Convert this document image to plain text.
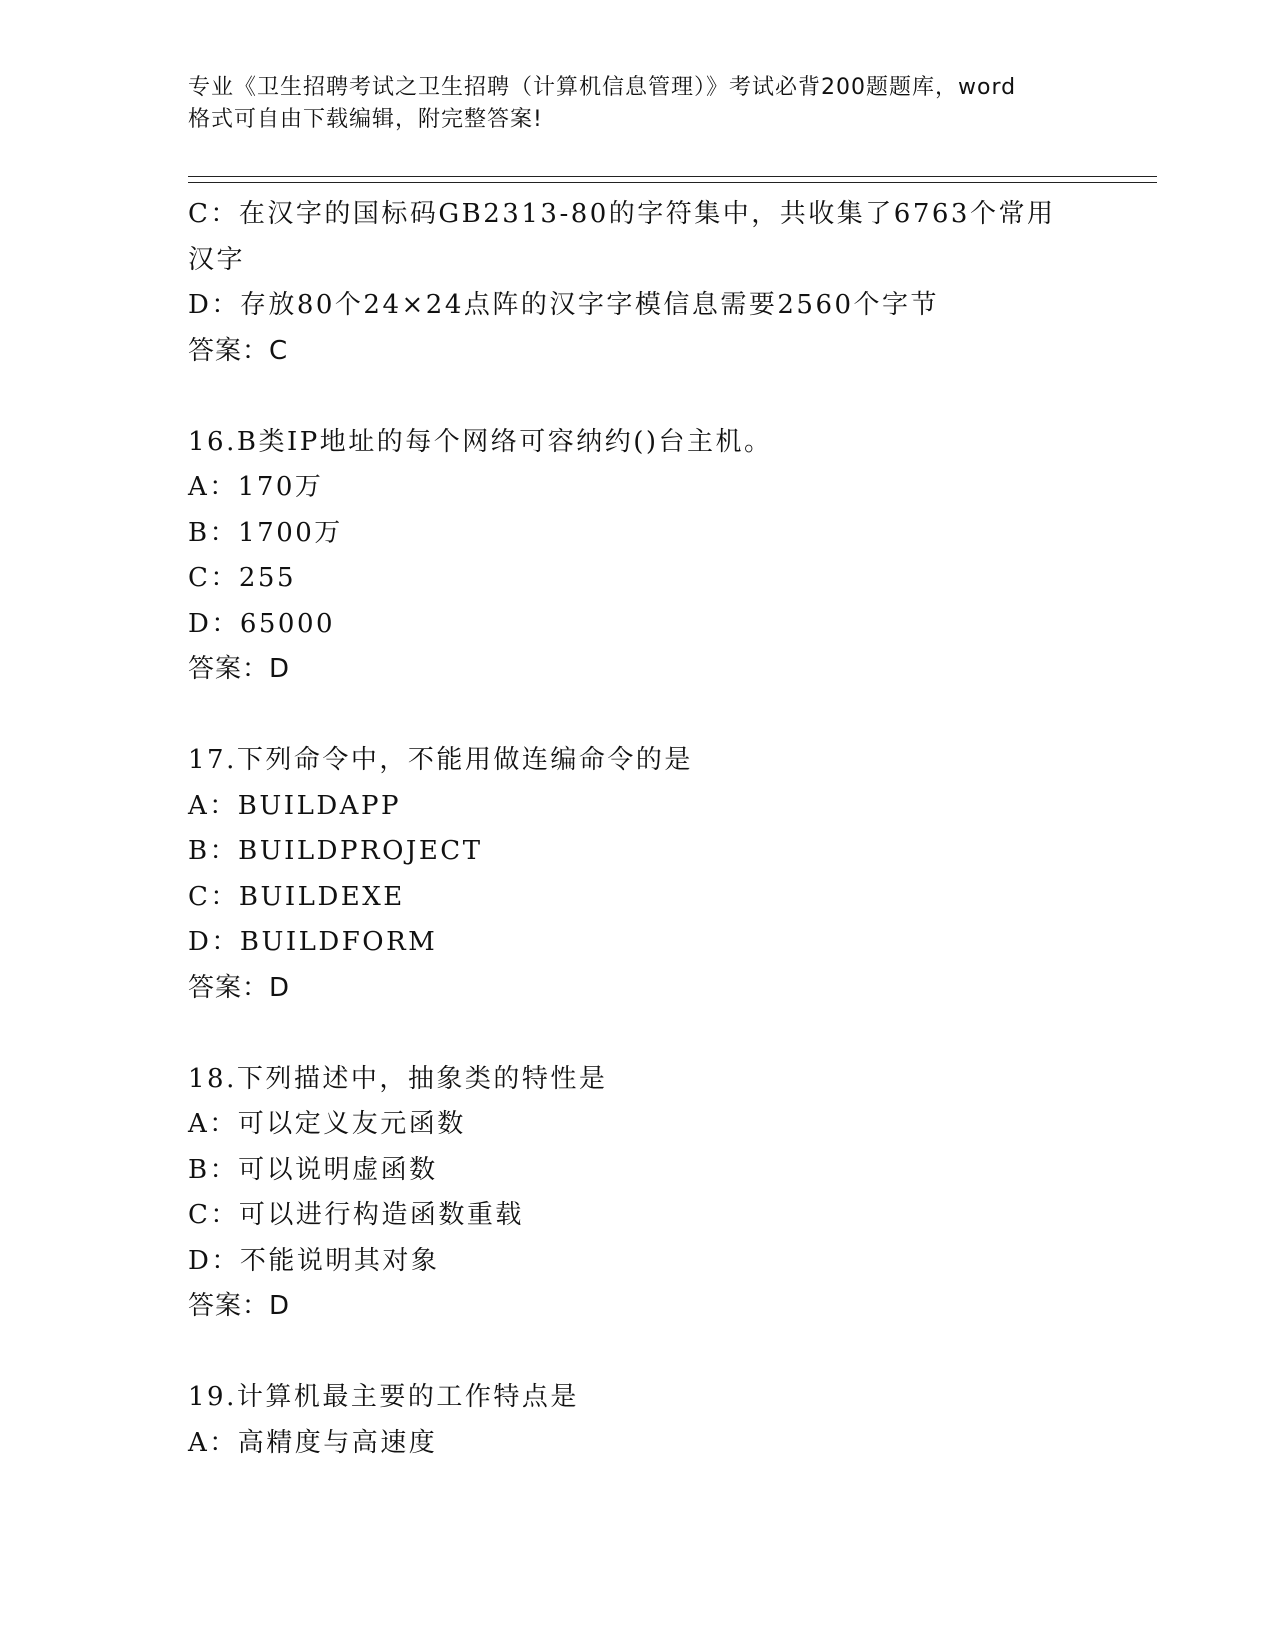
专业《卫生招聘考试之卫生招聘（计算机信息管理）》考试必背200题题库，word
格式可自由下载编辑，附完整答案!
C：在汉字的国标码GB2313-80的字符集中，共收集了6763个常用汉字
D：存放80个24×24点阵的汉字字模信息需要2560个字节
答案：C
16.B类IP地址的每个网络可容纳约()台主机。
A：170万
B：1700万
C：255
D：65000
答案：D
17.下列命令中，不能用做连编命令的是
A：BUILDAPP
B：BUILDPROJECT
C：BUILDEXE
D：BUILDFORM
答案：D
18.下列描述中，抽象类的特性是
A：可以定义友元函数
B：可以说明虚函数
C：可以进行构造函数重载
D：不能说明其对象
答案：D
19.计算机最主要的工作特点是
A：高精度与高速度
